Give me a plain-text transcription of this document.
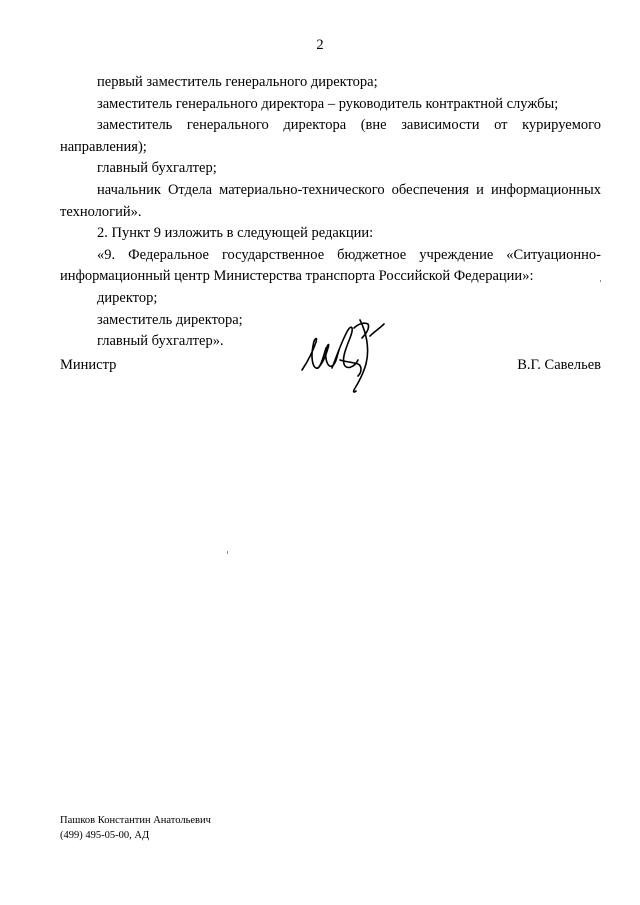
2

первый заместитель генерального директора;

заместитель генерального директора – руководитель контрактной службы;

заместитель генерального директора (вне зависимости от курируемого направления);

главный бухгалтер;

начальник Отдела материально-технического обеспечения и информационных технологий».

2. Пункт 9 изложить в следующей редакции:

«9. Федеральное государственное бюджетное учреждение «Ситуационно-информационный центр Министерства транспорта Российской Федерации»:

директор;

заместитель директора;

главный бухгалтер».

Министр	В.Г. Савельев
Пашков Константин Анатольевич
(499) 495-05-00, АД
